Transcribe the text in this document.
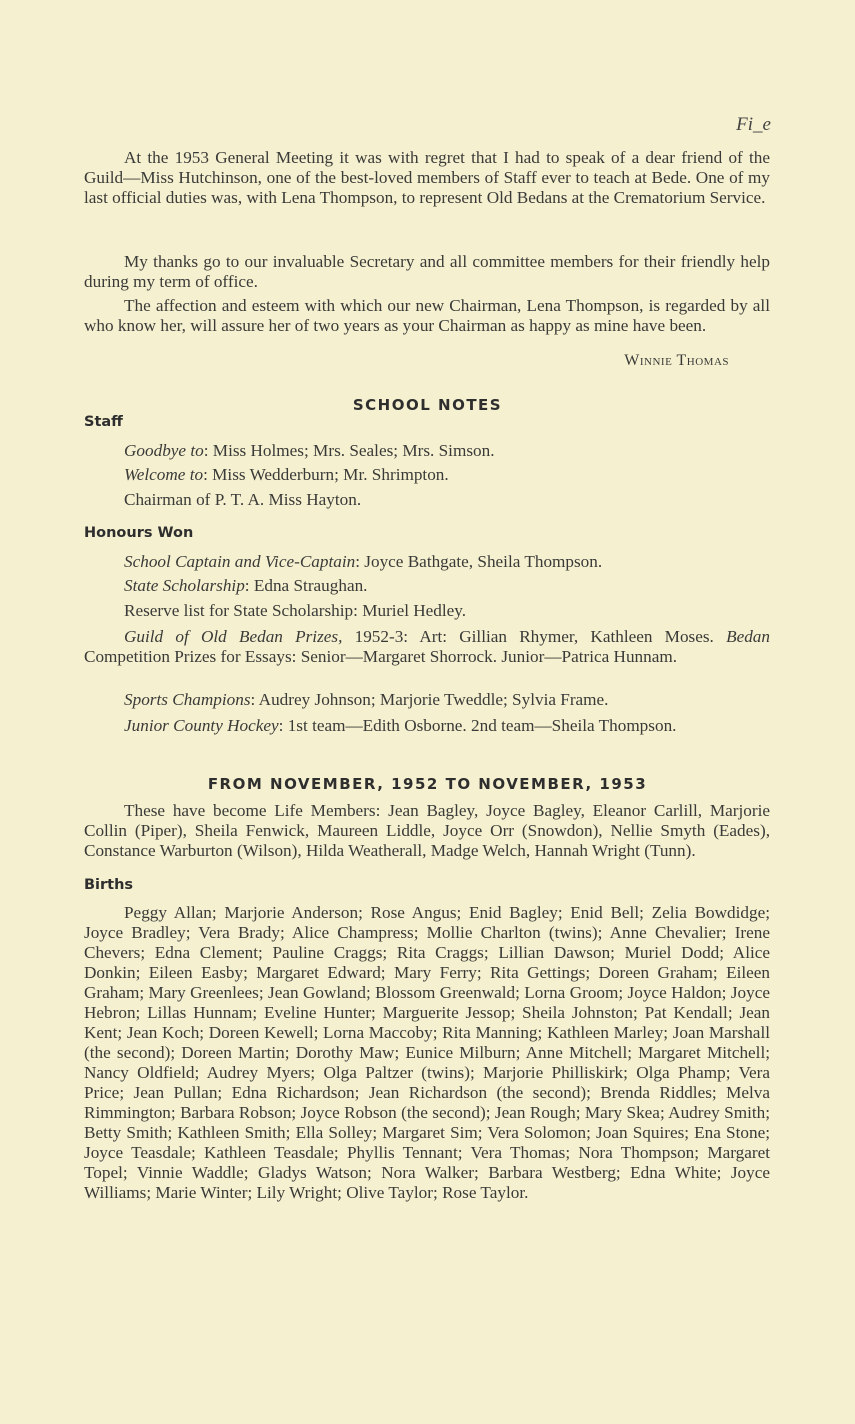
Fi_e

At the 1953 General Meeting it was with regret that I had to speak of a dear friend of the Guild—Miss Hutchinson, one of the best-loved members of Staff ever to teach at Bede. One of my last official duties was, with Lena Thompson, to represent Old Bedans at the Crematorium Service.

My thanks go to our invaluable Secretary and all committee members for their friendly help during my term of office.

The affection and esteem with which our new Chairman, Lena Thompson, is regarded by all who know her, will assure her of two years as your Chairman as happy as mine have been.

Winnie Thomas
SCHOOL NOTES
Staff
Goodbye to: Miss Holmes; Mrs. Seales; Mrs. Simson.
Welcome to: Miss Wedderburn; Mr. Shrimpton.
Chairman of P. T. A. Miss Hayton.
Honours Won
School Captain and Vice-Captain: Joyce Bathgate, Sheila Thompson.
State Scholarship: Edna Straughan.
Reserve list for State Scholarship: Muriel Hedley.

Guild of Old Bedan Prizes, 1952-3: Art: Gillian Rhymer, Kathleen Moses. Bedan Competition Prizes for Essays: Senior—Margaret Shorrock. Junior—Patrica Hunnam.

Sports Champions: Audrey Johnson; Marjorie Tweddle; Sylvia Frame.

Junior County Hockey: 1st team—Edith Osborne. 2nd team—Sheila Thompson.

FROM NOVEMBER, 1952 TO NOVEMBER, 1953

These have become Life Members: Jean Bagley, Joyce Bagley, Eleanor Carlill, Marjorie Collin (Piper), Sheila Fenwick, Maureen Liddle, Joyce Orr (Snowdon), Nellie Smyth (Eades), Constance Warburton (Wilson), Hilda Weatherall, Madge Welch, Hannah Wright (Tunn).

Births

Peggy Allan; Marjorie Anderson; Rose Angus; Enid Bagley; Enid Bell; Zelia Bowdidge; Joyce Bradley; Vera Brady; Alice Champress; Mollie Charlton (twins); Anne Chevalier; Irene Chevers; Edna Clement; Pauline Craggs; Rita Craggs; Lillian Dawson; Muriel Dodd; Alice Donkin; Eileen Easby; Margaret Edward; Mary Ferry; Rita Gettings; Doreen Graham; Eileen Graham; Mary Greenlees; Jean Gowland; Blossom Greenwald; Lorna Groom; Joyce Haldon; Joyce Hebron; Lillas Hunnam; Eveline Hunter; Marguerite Jessop; Sheila Johnston; Pat Kendall; Jean Kent; Jean Koch; Doreen Kewell; Lorna Maccoby; Rita Manning; Kathleen Marley; Joan Marshall (the second); Doreen Martin; Dorothy Maw; Eunice Milburn; Anne Mitchell; Margaret Mitchell; Nancy Oldfield; Audrey Myers; Olga Paltzer (twins); Marjorie Philliskirk; Olga Phamp; Vera Price; Jean Pullan; Edna Richardson; Jean Richardson (the second); Brenda Riddles; Melva Rimmington; Barbara Robson; Joyce Robson (the second); Jean Rough; Mary Skea; Audrey Smith; Betty Smith; Kathleen Smith; Ella Solley; Margaret Sim; Vera Solomon; Joan Squires; Ena Stone; Joyce Teasdale; Kathleen Teasdale; Phyllis Tennant; Vera Thomas; Nora Thompson; Margaret Topel; Vinnie Waddle; Gladys Watson; Nora Walker; Barbara Westberg; Edna White; Joyce Williams; Marie Winter; Lily Wright; Olive Taylor; Rose Taylor.
